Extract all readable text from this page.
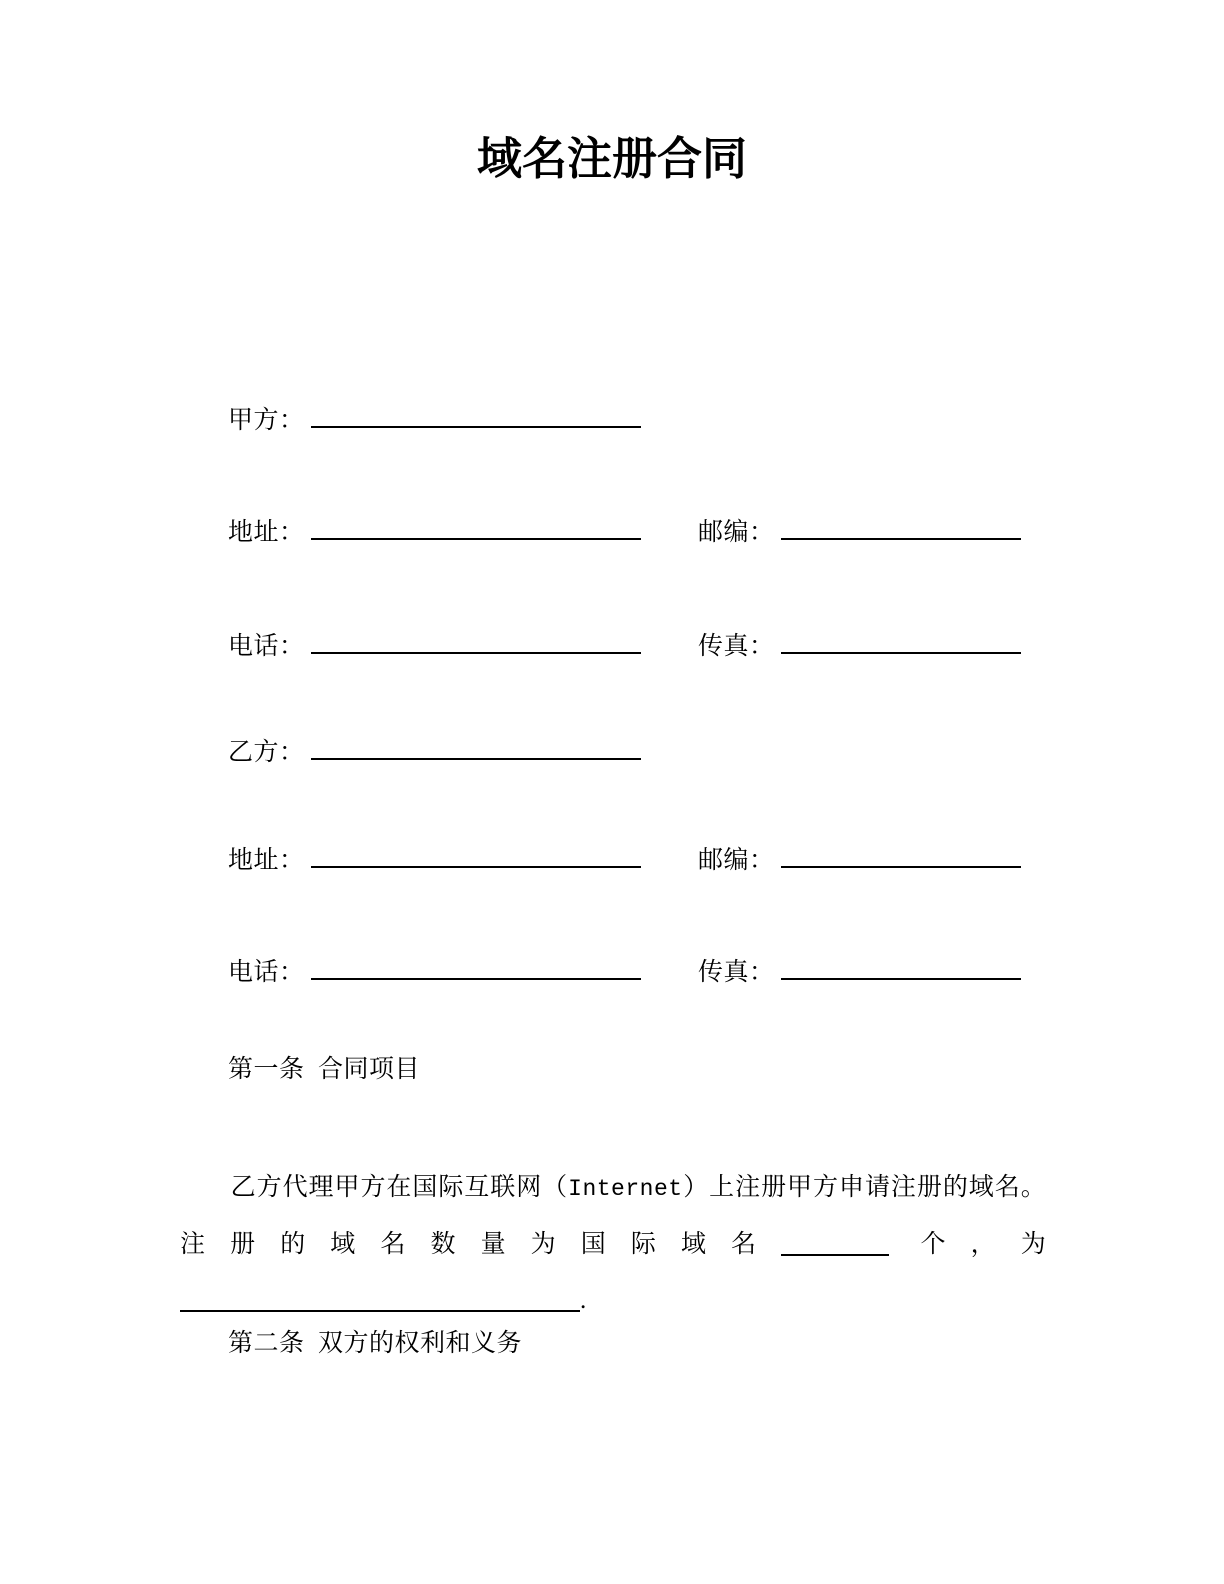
域名注册合同
甲方：
地址：	邮编：
电话：	传真：
乙方：
地址：	邮编：
电话：	传真：
第一条  合同项目
乙方代理甲方在国际互联网（Internet）上注册甲方申请注册的域名。注册的域名数量为国际域名	个，为 .
第二条  双方的权利和义务
